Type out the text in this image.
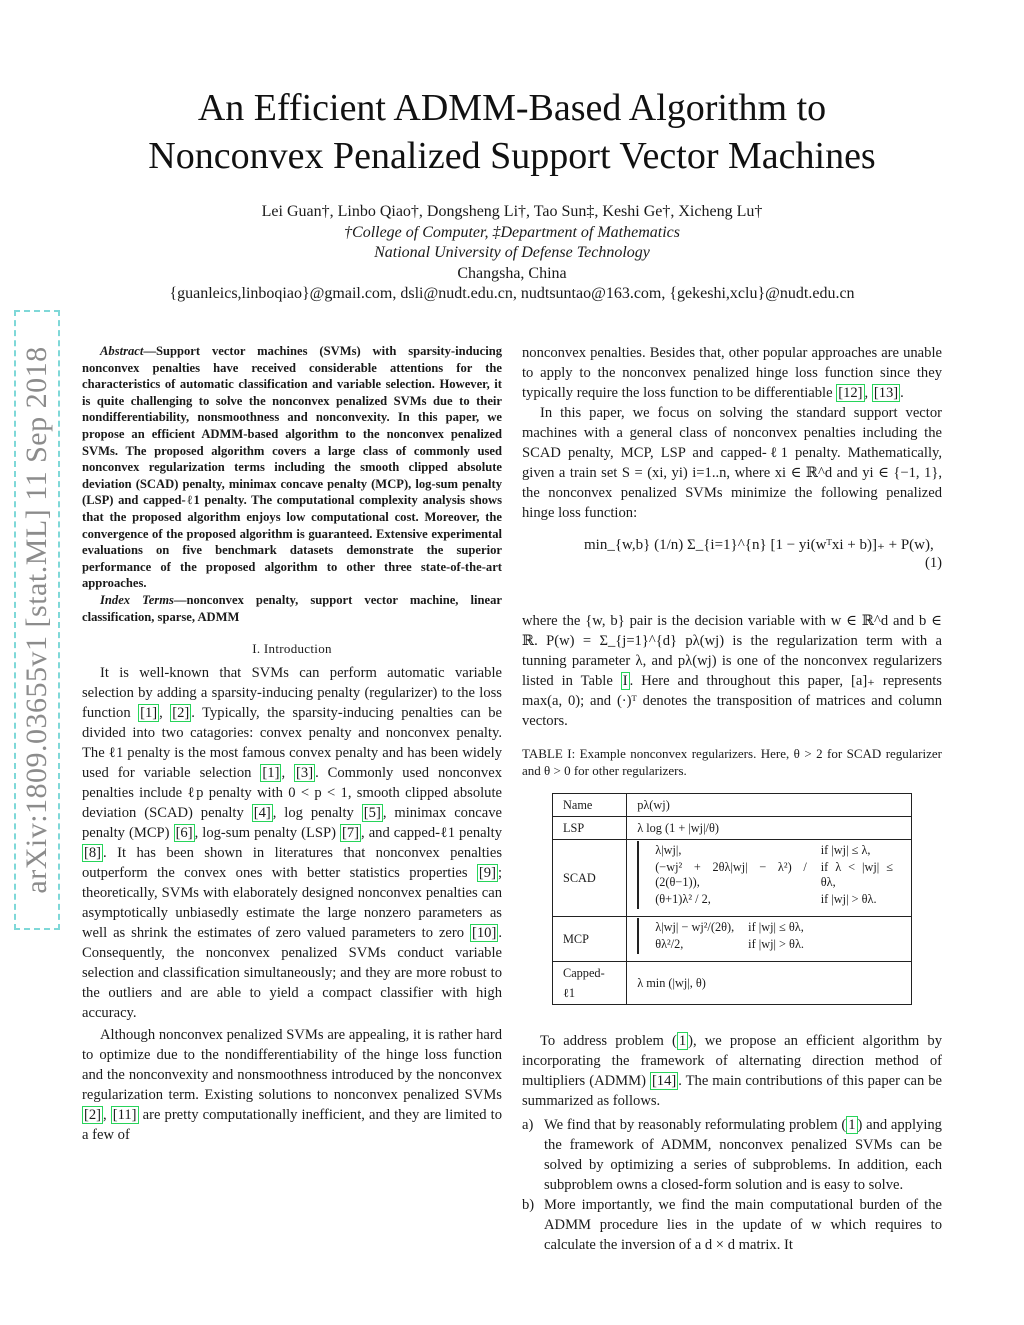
arXiv:1809.03655v1 [stat.ML] 11 Sep 2018
An Efficient ADMM-Based Algorithm to
Nonconvex Penalized Support Vector Machines
Lei Guan†, Linbo Qiao†, Dongsheng Li†, Tao Sun‡, Keshi Ge†, Xicheng Lu†
†College of Computer, ‡Department of Mathematics
National University of Defense Technology
Changsha, China
{guanleics,linboqiao}@gmail.com, dsli@nudt.edu.cn, nudtsuntao@163.com, {gekeshi,xclu}@nudt.edu.cn

Abstract—Support vector machines (SVMs) with sparsity-inducing nonconvex penalties have received considerable attentions for the characteristics of automatic classification and variable selection. However, it is quite challenging to solve the nonconvex penalized SVMs due to their nondifferentiability, nonsmoothness and nonconvexity. In this paper, we propose an efficient ADMM-based algorithm to the nonconvex penalized SVMs. The proposed algorithm covers a large class of commonly used nonconvex regularization terms including the smooth clipped absolute deviation (SCAD) penalty, minimax concave penalty (MCP), log-sum penalty (LSP) and capped-ℓ1 penalty. The computational complexity analysis shows that the proposed algorithm enjoys low computational cost. Moreover, the convergence of the proposed algorithm is guaranteed. Extensive experimental evaluations on five benchmark datasets demonstrate the superior performance of the proposed algorithm to other three state-of-the-art approaches.

Index Terms—nonconvex penalty, support vector machine, linear classification, sparse, ADMM

I. Introduction

It is well-known that SVMs can perform automatic variable selection by adding a sparsity-inducing penalty (regularizer) to the loss function [1] , [2] . Typically, the sparsity-inducing penalties can be divided into two catagories: convex penalty and nonconvex penalty. The ℓ1 penalty is the most famous convex penalty and has been widely used for variable selection [1] , [3] . Commonly used nonconvex penalties include ℓp penalty with 0 < p < 1, smooth clipped absolute deviation (SCAD) penalty [4] , log penalty [5] , minimax concave penalty (MCP) [6] , log-sum penalty (LSP) [7] , and capped-ℓ1 penalty [8] . It has been shown in literatures that nonconvex penalties outperform the convex ones with better statistics properties [9] ; theoretically, SVMs with elaborately designed nonconvex penalties can asymptotically unbiasedly estimate the large nonzero parameters as well as shrink the estimates of zero valued parameters to zero [10] . Consequently, the nonconvex penalized SVMs conduct variable selection and classification simultaneously; and they are more robust to the outliers and are able to yield a compact classifier with high accuracy.

Although nonconvex penalized SVMs are appealing, it is rather hard to optimize due to the nondifferentiability of the hinge loss function and the nonconvexity and nonsmoothness introduced by the nonconvex regularization term. Existing solutions to nonconvex penalized SVMs [2] , [11] are pretty computationally inefficient, and they are limited to a few of

nonconvex penalties. Besides that, other popular approaches are unable to apply to the nonconvex penalized hinge loss function since they typically require the loss function to be differentiable [12] , [13] .

In this paper, we focus on solving the standard support vector machines with a general class of nonconvex penalties including the SCAD penalty, MCP, LSP and capped-ℓ1 penalty. Mathematically, given a train set S = (xi, yi) i=1..n, where xi ∈ ℝ^d and yi ∈ {−1, 1}, the nonconvex penalized SVMs minimize the following penalized hinge loss function:

min_{w,b} (1/n) Σ_{i=1}^{n} [1 − yi(wᵀxi + b)]₊ + P(w),
(1)

where the {w, b} pair is the decision variable with w ∈ ℝ^d and b ∈ ℝ. P(w) = Σ_{j=1}^{d} pλ(wj) is the regularization term with a tunning parameter λ, and pλ(wj) is one of the nonconvex regularizers listed in Table I . Here and throughout this paper, [a]₊ represents max(a, 0); and (·)ᵀ denotes the transposition of matrices and column vectors.

TABLE I: Example nonconvex regularizers. Here, θ > 2 for SCAD regularizer and θ > 0 for other regularizers.
Name	pλ(wj)
LSP	λ log (1 + |wj|/θ)
SCAD	
λ|wj|,	if |wj| ≤ λ,
(−wj² + 2θλ|wj| − λ²) / (2(θ−1)),	if λ < |wj| ≤ θλ,
(θ+1)λ² / 2,	if |wj| > θλ.

MCP	
λ|wj| − wj²/(2θ),	if |wj| ≤ θλ,
θλ²/2,	if |wj| > θλ.

Capped-ℓ1	λ min (|wj|, θ)

To address problem ( 1 ), we propose an efficient algorithm by incorporating the framework of alternating direction method of multipliers (ADMM) [14] . The main contributions of this paper can be summarized as follows.

a) We find that by reasonably reformulating problem ( 1 ) and applying the framework of ADMM, nonconvex penalized SVMs can be solved by optimizing a series of subproblems. In addition, each subproblem owns a closed-form solution and is easy to solve.
b) More importantly, we find the main computational burden of the ADMM procedure lies in the update of w which requires to calculate the inversion of a d × d matrix. It
